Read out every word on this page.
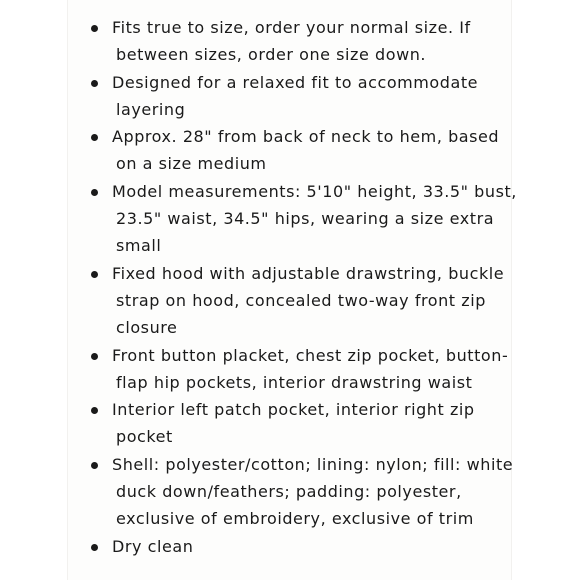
Fits true to size, order your normal size. If
between sizes, order one size down.
Designed for a relaxed fit to accommodate
layering
Approx. 28" from back of neck to hem, based
on a size medium
Model measurements: 5'10" height, 33.5" bust,
23.5" waist, 34.5" hips, wearing a size extra
small
Fixed hood with adjustable drawstring, buckle
strap on hood, concealed two-way front zip
closure
Front button placket, chest zip pocket, button-
flap hip pockets, interior drawstring waist
Interior left patch pocket, interior right zip
pocket
Shell: polyester/cotton; lining: nylon; fill: white
duck down/feathers; padding: polyester,
exclusive of embroidery, exclusive of trim
Dry clean
